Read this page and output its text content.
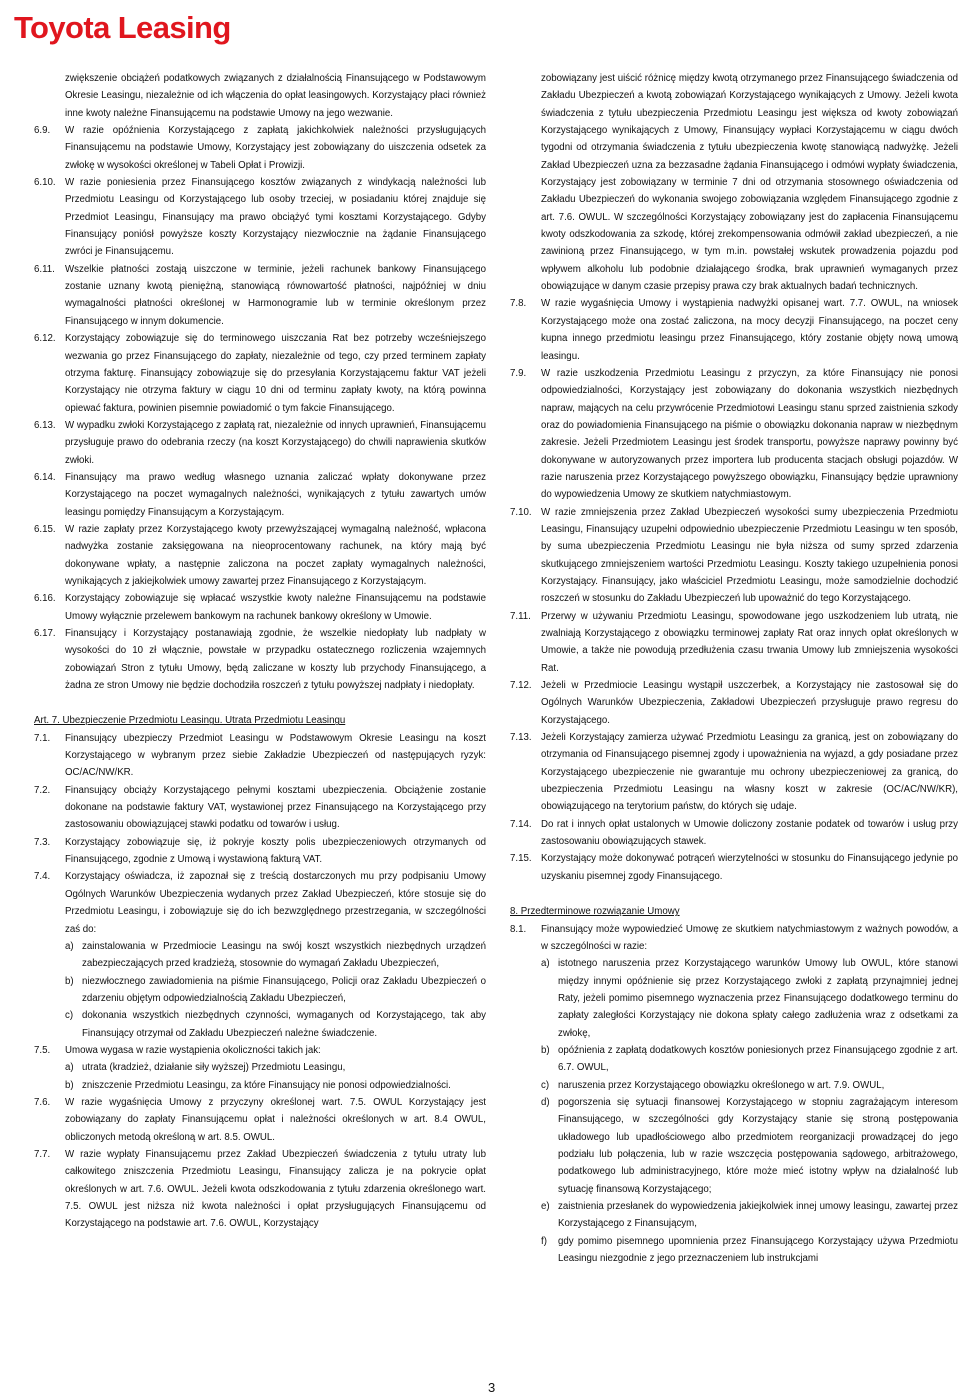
Toyota Leasing
zwiększenie obciążeń podatkowych związanych z działalnością Finansującego w Podstawowym Okresie Leasingu, niezależnie od ich włączenia do opłat leasingowych. Korzystający płaci również inne kwoty należne Finansującemu na podstawie Umowy na jego wezwanie.
6.9. W razie opóźnienia Korzystającego z zapłatą jakichkolwiek należności przysługujących Finansującemu na podstawie Umowy, Korzystający jest zobowiązany do uiszczenia odsetek za zwłokę w wysokości określonej w Tabeli Opłat i Prowizji.
6.10. W razie poniesienia przez Finansującego kosztów związanych z windykacją należności lub Przedmiotu Leasingu od Korzystającego lub osoby trzeciej, w posiadaniu której znajduje się Przedmiot Leasingu, Finansujący ma prawo obciążyć tymi kosztami Korzystającego. Gdyby Finansujący poniósł powyższe koszty Korzystający niezwłocznie na żądanie Finansującego zwróci je Finansującemu.
6.11. Wszelkie płatności zostają uiszczone w terminie, jeżeli rachunek bankowy Finansującego zostanie uznany kwotą pieniężną, stanowiącą równowartość płatności, najpóźniej w dniu wymagalności płatności określonej w Harmonogramie lub w terminie określonym przez Finansującego w innym dokumencie.
6.12. Korzystający zobowiązuje się do terminowego uiszczania Rat bez potrzeby wcześniejszego wezwania go przez Finansującego do zapłaty, niezależnie od tego, czy przed terminem zapłaty otrzyma fakturę. Finansujący zobowiązuje się do przesyłania Korzystającemu faktur VAT jeżeli Korzystający nie otrzyma faktury w ciągu 10 dni od terminu zapłaty kwoty, na którą powinna opiewać faktura, powinien pisemnie powiadomić o tym fakcie Finansującego.
6.13. W wypadku zwłoki Korzystającego z zapłatą rat, niezależnie od innych uprawnień, Finansującemu przysługuje prawo do odebrania rzeczy (na koszt Korzystającego) do chwili naprawienia skutków zwłoki.
6.14. Finansujący ma prawo według własnego uznania zaliczać wpłaty dokonywane przez Korzystającego na poczet wymagalnych należności, wynikających z tytułu zawartych umów leasingu pomiędzy Finansującym a Korzystającym.
6.15. W razie zapłaty przez Korzystającego kwoty przewyższającej wymagalną należność, wpłacona nadwyżka zostanie zaksięgowana na nieoprocentowany rachunek, na który mają być dokonywane wpłaty, a następnie zaliczona na poczet zapłaty wymagalnych należności, wynikających z jakiejkolwiek umowy zawartej przez Finansującego z Korzystającym.
6.16. Korzystający zobowiązuje się wpłacać wszystkie kwoty należne Finansującemu na podstawie Umowy wyłącznie przelewem bankowym na rachunek bankowy określony w Umowie.
6.17. Finansujący i Korzystający postanawiają zgodnie, że wszelkie niedopłaty lub nadpłaty w wysokości do 10 zł włącznie, powstałe w przypadku ostatecznego rozliczenia wzajemnych zobowiązań Stron z tytułu Umowy, będą zaliczane w koszty lub przychody Finansującego, a żadna ze stron Umowy nie będzie dochodziła roszczeń z tytułu powyższej nadpłaty i niedopłaty.
Art. 7. Ubezpieczenie Przedmiotu Leasingu. Utrata Przedmiotu Leasingu
7.1. Finansujący ubezpieczy Przedmiot Leasingu w Podstawowym Okresie Leasingu na koszt Korzystającego w wybranym przez siebie Zakładzie Ubezpieczeń od następujących ryzyk: OC/AC/NW/KR.
7.2. Finansujący obciąży Korzystającego pełnymi kosztami ubezpieczenia. Obciążenie zostanie dokonane na podstawie faktury VAT, wystawionej przez Finansującego na Korzystającego przy zastosowaniu obowiązującej stawki podatku od towarów i usług.
7.3. Korzystający zobowiązuje się, iż pokryje koszty polis ubezpieczeniowych otrzymanych od Finansującego, zgodnie z Umową i wystawioną fakturą VAT.
7.4. Korzystający oświadcza, iż zapoznał się z treścią dostarczonych mu przy podpisaniu Umowy Ogólnych Warunków Ubezpieczenia wydanych przez Zakład Ubezpieczeń, które stosuje się do Przedmiotu Leasingu, i zobowiązuje się do ich bezwzględnego przestrzegania, w szczególności zaś do:
a) zainstalowania w Przedmiocie Leasingu na swój koszt wszystkich niezbędnych urządzeń zabezpieczających przed kradzieżą, stosownie do wymagań Zakładu Ubezpieczeń,
b) niezwłocznego zawiadomienia na piśmie Finansującego, Policji oraz Zakładu Ubezpieczeń o zdarzeniu objętym odpowiedzialnością Zakładu Ubezpieczeń,
c) dokonania wszystkich niezbędnych czynności, wymaganych od Korzystającego, tak aby Finansujący otrzymał od Zakładu Ubezpieczeń należne świadczenie.
7.5. Umowa wygasa w razie wystąpienia okoliczności takich jak:
a) utrata (kradzież, działanie siły wyższej) Przedmiotu Leasingu,
b) zniszczenie Przedmiotu Leasingu, za które Finansujący nie ponosi odpowiedzialności.
7.6. W razie wygaśnięcia Umowy z przyczyny określonej wart. 7.5. OWUL Korzystający jest zobowiązany do zapłaty Finansującemu opłat i należności określonych w art. 8.4 OWUL, obliczonych metodą określoną w art. 8.5. OWUL.
7.7. W razie wypłaty Finansującemu przez Zakład Ubezpieczeń świadczenia z tytułu utraty lub całkowitego zniszczenia Przedmiotu Leasingu, Finansujący zalicza je na pokrycie opłat określonych w art. 7.6. OWUL. Jeżeli kwota odszkodowania z tytułu zdarzenia określonego wart. 7.5. OWUL jest niższa niż kwota należności i opłat przysługujących Finansującemu od Korzystającego na podstawie art. 7.6. OWUL, Korzystający
zobowiązany jest uiścić różnicę między kwotą otrzymanego przez Finansującego świadczenia od Zakładu Ubezpieczeń a kwotą zobowiązań Korzystającego wynikających z Umowy. Jeżeli kwota świadczenia z tytułu ubezpieczenia Przedmiotu Leasingu jest większa od kwoty zobowiązań Korzystającego wynikających z Umowy, Finansujący wypłaci Korzystającemu w ciągu dwóch tygodni od otrzymania świadczenia z tytułu ubezpieczenia kwotę stanowiącą nadwyżkę. Jeżeli Zakład Ubezpieczeń uzna za bezzasadne żądania Finansującego i odmówi wypłaty świadczenia, Korzystający jest zobowiązany w terminie 7 dni od otrzymania stosownego oświadczenia od Zakładu Ubezpieczeń do wykonania swojego zobowiązania względem Finansującego zgodnie z art. 7.6. OWUL. W szczególności Korzystający zobowiązany jest do zapłacenia Finansującemu kwoty odszkodowania za szkodę, której zrekompensowania odmówił zakład ubezpieczeń, a nie zawinioną przez Finansującego, w tym m.in. powstałej wskutek prowadzenia pojazdu pod wpływem alkoholu lub podobnie działającego środka, brak uprawnień wymaganych przez obowiązujące w danym czasie przepisy prawa czy brak aktualnych badań technicznych.
7.8. W razie wygaśnięcia Umowy i wystąpienia nadwyżki opisanej wart. 7.7. OWUL, na wniosek Korzystającego może ona zostać zaliczona, na mocy decyzji Finansującego, na poczet ceny kupna innego przedmiotu leasingu przez Finansującego, który zostanie objęty nową umową leasingu.
7.9. W razie uszkodzenia Przedmiotu Leasingu z przyczyn, za które Finansujący nie ponosi odpowiedzialności, Korzystający jest zobowiązany do dokonania wszystkich niezbędnych napraw, mających na celu przywrócenie Przedmiotowi Leasingu stanu sprzed zaistnienia szkody oraz do powiadomienia Finansującego na piśmie o obowiązku dokonania napraw w niezbędnym zakresie. Jeżeli Przedmiotem Leasingu jest środek transportu, powyższe naprawy powinny być dokonywane w autoryzowanych przez importera lub producenta stacjach obsługi pojazdów. W razie naruszenia przez Korzystającego powyższego obowiązku, Finansujący będzie uprawniony do wypowiedzenia Umowy ze skutkiem natychmiastowym.
7.10. W razie zmniejszenia przez Zakład Ubezpieczeń wysokości sumy ubezpieczenia Przedmiotu Leasingu, Finansujący uzupełni odpowiednio ubezpieczenie Przedmiotu Leasingu w ten sposób, by suma ubezpieczenia Przedmiotu Leasingu nie była niższa od sumy sprzed zdarzenia skutkującego zmniejszeniem wartości Przedmiotu Leasingu. Koszty takiego uzupełnienia ponosi Korzystający. Finansujący, jako właściciel Przedmiotu Leasingu, może samodzielnie dochodzić roszczeń w stosunku do Zakładu Ubezpieczeń lub upoważnić do tego Korzystającego.
7.11. Przerwy w używaniu Przedmiotu Leasingu, spowodowane jego uszkodzeniem lub utratą, nie zwalniają Korzystającego z obowiązku terminowej zapłaty Rat oraz innych opłat określonych w Umowie, a także nie powodują przedłużenia czasu trwania Umowy lub zmniejszenia wysokości Rat.
7.12. Jeżeli w Przedmiocie Leasingu wystąpił uszczerbek, a Korzystający nie zastosował się do Ogólnych Warunków Ubezpieczenia, Zakładowi Ubezpieczeń przysługuje prawo regresu do Korzystającego.
7.13. Jeżeli Korzystający zamierza używać Przedmiotu Leasingu za granicą, jest on zobowiązany do otrzymania od Finansującego pisemnej zgody i upoważnienia na wyjazd, a gdy posiadane przez Korzystającego ubezpieczenie nie gwarantuje mu ochrony ubezpieczeniowej za granicą, do ubezpieczenia Przedmiotu Leasingu na własny koszt w zakresie (OC/AC/NW/KR), obowiązującego na terytorium państw, do których się udaje.
7.14. Do rat i innych opłat ustalonych w Umowie doliczony zostanie podatek od towarów i usług przy zastosowaniu obowiązujących stawek.
7.15. Korzystający może dokonywać potrąceń wierzytelności w stosunku do Finansującego jedynie po uzyskaniu pisemnej zgody Finansującego.
8. Przedterminowe rozwiązanie Umowy
8.1. Finansujący może wypowiedzieć Umowę ze skutkiem natychmiastowym z ważnych powodów, a w szczególności w razie:
a) istotnego naruszenia przez Korzystającego warunków Umowy lub OWUL, które stanowi między innymi opóźnienie się przez Korzystającego zwłoki z zapłatą przynajmniej jednej Raty, jeżeli pomimo pisemnego wyznaczenia przez Finansującego dodatkowego terminu do zapłaty zaległości Korzystający nie dokona spłaty całego zadłużenia wraz z odsetkami za zwłokę,
b) opóźnienia z zapłatą dodatkowych kosztów poniesionych przez Finansującego zgodnie z art. 6.7. OWUL,
c) naruszenia przez Korzystającego obowiązku określonego w art. 7.9. OWUL,
d) pogorszenia się sytuacji finansowej Korzystającego w stopniu zagrażającym interesom Finansującego, w szczególności gdy Korzystający stanie się stroną postępowania układowego lub upadłościowego albo przedmiotem reorganizacji prowadzącej do jego podziału lub połączenia, lub w razie wszczęcia postępowania sądowego, arbitrażowego, podatkowego lub administracyjnego, które może mieć istotny wpływ na działalność lub sytuację finansową Korzystającego;
e) zaistnienia przesłanek do wypowiedzenia jakiejkolwiek innej umowy leasingu, zawartej przez Korzystającego z Finansującym,
f) gdy pomimo pisemnego upomnienia przez Finansującego Korzystający używa Przedmiotu Leasingu niezgodnie z jego przeznaczeniem lub instrukcjami
3
